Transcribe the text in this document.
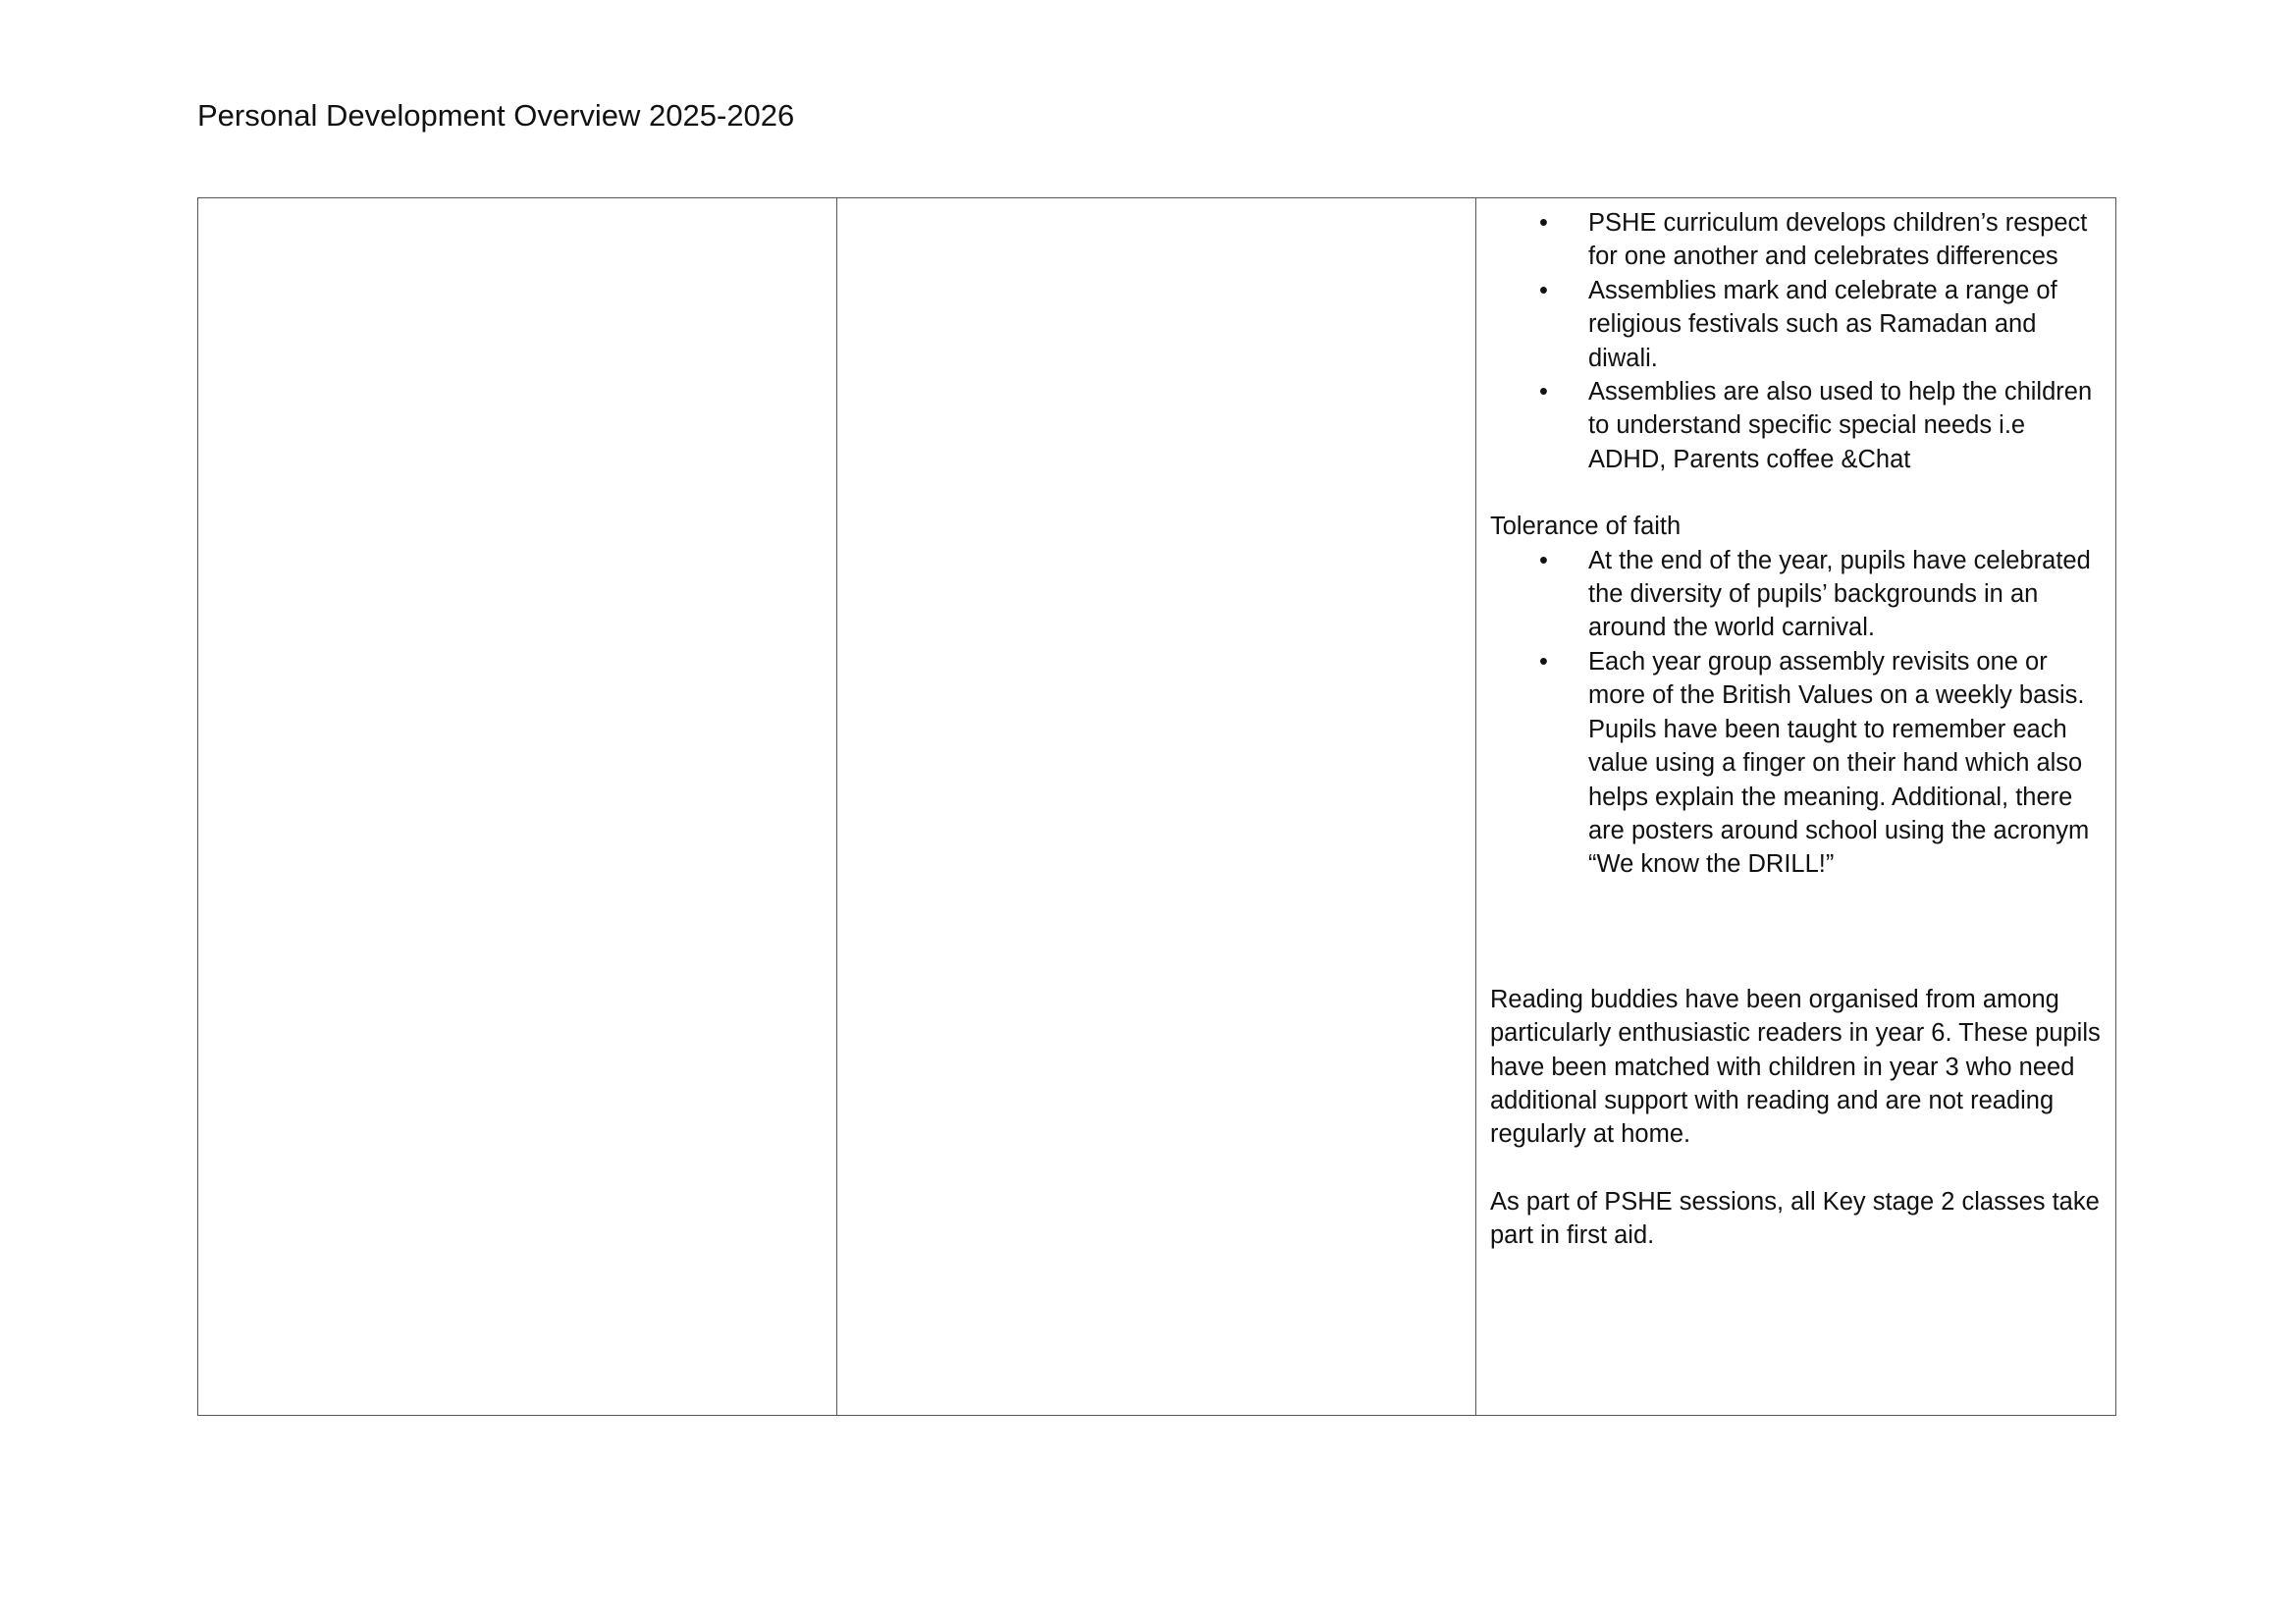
Personal Development Overview 2025-2026

• PSHE curriculum develops children’s respect for one another and celebrates differences
• Assemblies mark and celebrate a range of religious festivals such as Ramadan and diwali.
• Assemblies are also used to help the children to understand specific special needs i.e ADHD, Parents coffee &Chat

Tolerance of faith

• At the end of the year, pupils have celebrated the diversity of pupils’ backgrounds in an around the world carnival.
• Each year group assembly revisits one or more of the British Values on a weekly basis. Pupils have been taught to remember each value using a finger on their hand which also helps explain the meaning. Additional, there are posters around school using the acronym “We know the DRILL!”

Reading buddies have been organised from among particularly enthusiastic readers in year 6. These pupils have been matched with children in year 3 who need additional support with reading and are not reading regularly at home.

As part of PSHE sessions, all Key stage 2 classes take part in first aid.
